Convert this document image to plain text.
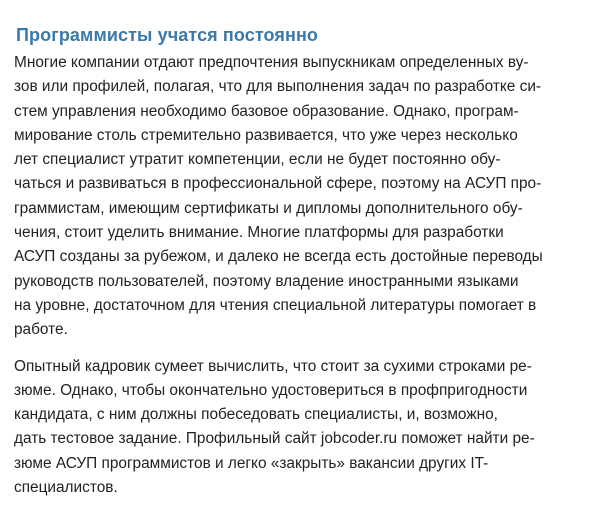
Программисты учатся постоянно

Многие компании отдают предпочтения выпускникам определенных ву-
зов или профилей, полагая, что для выполнения задач по разработке си-
стем управления необходимо базовое образование. Однако, програм-
мирование столь стремительно развивается, что уже через несколько
лет специалист утратит компетенции, если не будет постоянно обу-
чаться и развиваться в профессиональной сфере, поэтому на АСУП про-
граммистам, имеющим сертификаты и дипломы дополнительного обу-
чения, стоит уделить внимание. Многие платформы для разработки
АСУП созданы за рубежом, и далеко не всегда есть достойные переводы
руководств пользователей, поэтому владение иностранными языками
на уровне, достаточном для чтения специальной литературы помогает в
работе.

Опытный кадровик сумеет вычислить, что стоит за сухими строками ре-
зюме. Однако, чтобы окончательно удостовериться в профпригодности
кандидата, с ним должны побеседовать специалисты, и, возможно,
дать тестовое задание. Профильный сайт jobcoder.ru поможет найти ре-
зюме АСУП программистов и легко «закрыть» вакансии других IT-
специалистов.
